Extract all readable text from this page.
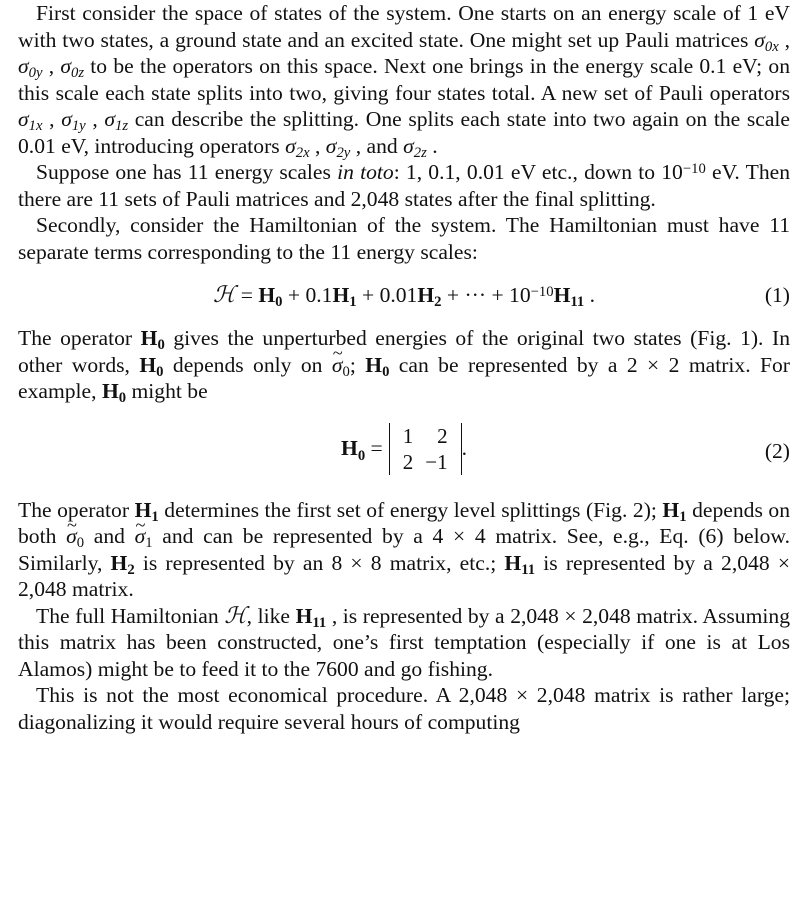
First consider the space of states of the system. One starts on an energy scale of 1 eV with two states, a ground state and an excited state. One might set up Pauli matrices $\sigma_{0x}$ , $\sigma_{0y}$ , $\sigma_{0z}$ to be the operators on this space. Next one brings in the energy scale 0.1 eV; on this scale each state splits into two, giving four states total. A new set of Pauli operators $\sigma_{1x}$ , $\sigma_{1y}$ , $\sigma_{1z}$ can describe the splitting. One splits each state into two again on the scale 0.01 eV, introducing operators $\sigma_{2x}$ , $\sigma_{2y}$ , and $\sigma_{2z}$ .

Suppose one has 11 energy scales in toto: 1, 0.1, 0.01 eV etc., down to $10^{-10}$ eV. Then there are 11 sets of Pauli matrices and 2,048 states after the final splitting.

Secondly, consider the Hamiltonian of the system. The Hamiltonian must have 11 separate terms corresponding to the 11 energy scales:

ℋ = $H_0 + 0.1H_1 + 0.01H_2$ + ··· + $10^{-10}H_{11}$ .	(1)

The operator $H_0$ gives the unperturbed energies of the original two states (Fig. 1). In other words, $H_0$ depends only on ~ $\sigma_0$; $H_0$ can be represented by a 2 × 2 matrix. For example, $H_0$ might be

$H_0$ =
1	2
2	−1
.	(2)

The operator $H_1$ determines the first set of energy level splittings (Fig. 2); $H_1$ depends on both ~ $\sigma_0$ and ~ $\sigma_1$ and can be represented by a 4 × 4 matrix. See, e.g., Eq. (6) below. Similarly, $H_2$ is represented by an 8 × 8 matrix, etc.; $H_{11}$ is represented by a 2,048 × 2,048 matrix.

The full Hamiltonian ℋ, like $H_{11}$ , is represented by a 2,048 × 2,048 matrix. Assuming this matrix has been constructed, one’s first temptation (especially if one is at Los Alamos) might be to feed it to the 7600 and go fishing.

This is not the most economical procedure. A 2,048 × 2,048 matrix is rather large; diagonalizing it would require several hours of computing
